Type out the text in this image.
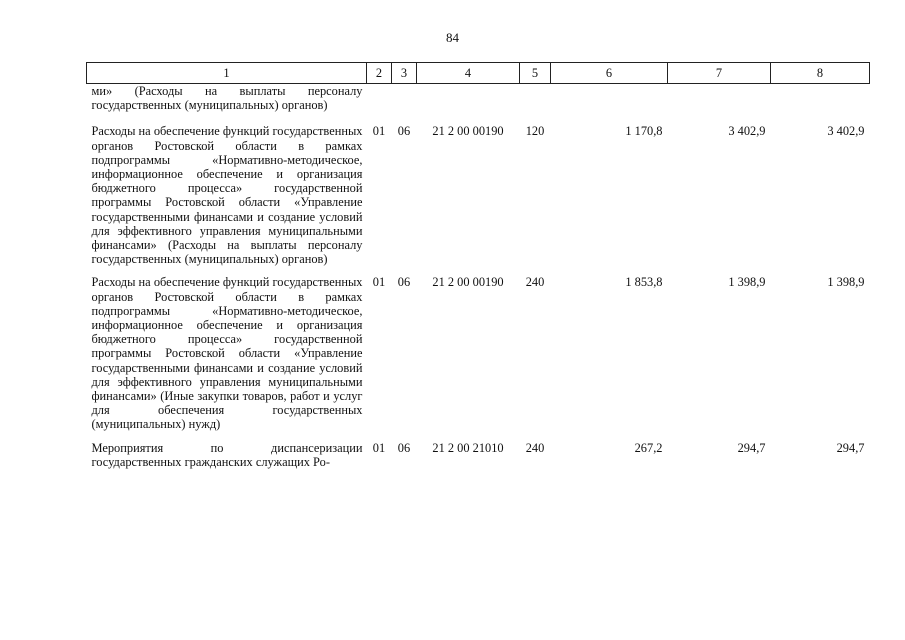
84
1	2	3	4	5	6	7	8
ми» (Расходы на выплаты персоналу государственных (муниципальных) органов)							
Расходы на обеспечение функций государственных органов Ростовской области в рамках подпрограммы «Нормативно-методическое, информационное обеспечение и организация бюджетного процесса» государственной программы Ростовской области «Управление государственными финансами и создание условий для эффективного управления муниципальными финансами» (Расходы на выплаты персоналу государственных (муниципальных) органов)	01	06	21 2 00 00190	120	1 170,8	3 402,9	3 402,9
Расходы на обеспечение функций государственных органов Ростовской области в рамках подпрограммы «Нормативно-методическое, информационное обеспечение и организация бюджетного процесса» государственной программы Ростовской области «Управление государственными финансами и создание условий для эффективного управления муниципальными финансами» (Иные закупки товаров, работ и услуг для обеспечения государственных (муниципальных) нужд)	01	06	21 2 00 00190	240	1 853,8	1 398,9	1 398,9
Мероприятия по диспансеризации государственных гражданских служащих Ро-	01	06	21 2 00 21010	240	267,2	294,7	294,7
